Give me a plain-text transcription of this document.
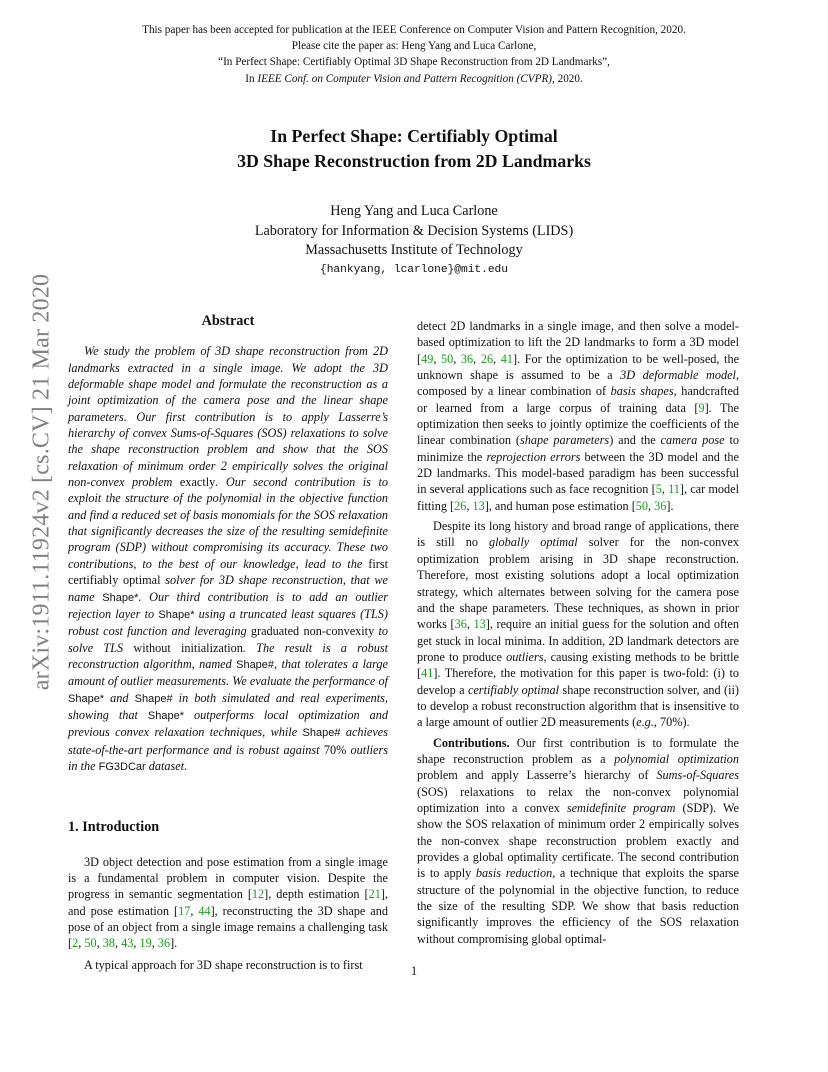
This paper has been accepted for publication at the IEEE Conference on Computer Vision and Pattern Recognition, 2020.
Please cite the paper as: Heng Yang and Luca Carlone,
“In Perfect Shape: Certifiably Optimal 3D Shape Reconstruction from 2D Landmarks”,
In IEEE Conf. on Computer Vision and Pattern Recognition (CVPR), 2020.
In Perfect Shape: Certifiably Optimal
3D Shape Reconstruction from 2D Landmarks
Heng Yang and Luca Carlone
Laboratory for Information & Decision Systems (LIDS)
Massachusetts Institute of Technology
{hankyang, lcarlone}@mit.edu
arXiv:1911.11924v2 [cs.CV] 21 Mar 2020	Abstract

We study the problem of 3D shape reconstruction from 2D landmarks extracted in a single image. We adopt the 3D deformable shape model and formulate the reconstruction as a joint optimization of the camera pose and the linear shape parameters. Our first contribution is to apply Lasserre’s hierarchy of convex Sums-of-Squares (SOS) relaxations to solve the shape reconstruction problem and show that the SOS relaxation of minimum order 2 empirically solves the original non-convex problem exactly. Our second contribution is to exploit the structure of the polynomial in the objective function and find a reduced set of basis monomials for the SOS relaxation that significantly decreases the size of the resulting semidefinite program (SDP) without compromising its accuracy. These two contributions, to the best of our knowledge, lead to the first certifiably optimal solver for 3D shape reconstruction, that we name Shape*. Our third contribution is to add an outlier rejection layer to Shape* using a truncated least squares (TLS) robust cost function and leveraging graduated non-convexity to solve TLS without initialization. The result is a robust reconstruction algorithm, named Shape#, that tolerates a large amount of outlier measurements. We evaluate the performance of Shape* and Shape# in both simulated and real experiments, showing that Shape* outperforms local optimization and previous convex relaxation techniques, while Shape# achieves state-of-the-art performance and is robust against 70% outliers in the FG3DCar dataset.

1. Introduction

3D object detection and pose estimation from a single image is a fundamental problem in computer vision. Despite the progress in semantic segmentation [12], depth estimation [21], and pose estimation [17, 44], reconstructing the 3D shape and pose of an object from a single image remains a challenging task [2, 50, 38, 43, 19, 36].

A typical approach for 3D shape reconstruction is to first

detect 2D landmarks in a single image, and then solve a model-based optimization to lift the 2D landmarks to form a 3D model [49, 50, 36, 26, 41]. For the optimization to be well-posed, the unknown shape is assumed to be a 3D deformable model, composed by a linear combination of basis shapes, handcrafted or learned from a large corpus of training data [9]. The optimization then seeks to jointly optimize the coefficients of the linear combination (shape parameters) and the camera pose to minimize the reprojection errors between the 3D model and the 2D landmarks. This model-based paradigm has been successful in several applications such as face recognition [5, 11], car model fitting [26, 13], and human pose estimation [50, 36].

Despite its long history and broad range of applications, there is still no globally optimal solver for the non-convex optimization problem arising in 3D shape reconstruction. Therefore, most existing solutions adopt a local optimization strategy, which alternates between solving for the camera pose and the shape parameters. These techniques, as shown in prior works [36, 13], require an initial guess for the solution and often get stuck in local minima. In addition, 2D landmark detectors are prone to produce outliers, causing existing methods to be brittle [41]. Therefore, the motivation for this paper is two-fold: (i) to develop a certifiably optimal shape reconstruction solver, and (ii) to develop a robust reconstruction algorithm that is insensitive to a large amount of outlier 2D measurements (e.g., 70%).

Contributions. Our first contribution is to formulate the shape reconstruction problem as a polynomial optimization problem and apply Lasserre’s hierarchy of Sums-of-Squares (SOS) relaxations to relax the non-convex polynomial optimization into a convex semidefinite program (SDP). We show the SOS relaxation of minimum order 2 empirically solves the non-convex shape reconstruction problem exactly and provides a global optimality certificate. The second contribution is to apply basis reduction, a technique that exploits the sparse structure of the polynomial in the objective function, to reduce the size of the resulting SDP. We show that basis reduction significantly improves the efficiency of the SOS relaxation without compromising global optimal-

1
